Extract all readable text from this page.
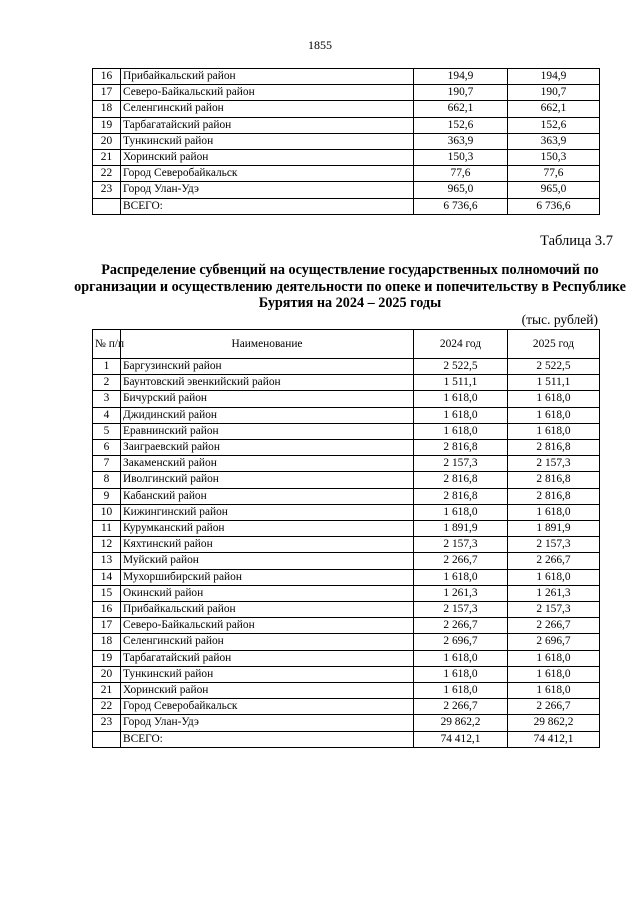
1855
16	Прибайкальский район	194,9	194,9
17	Северо-Байкальский район	190,7	190,7
18	Селенгинский район	662,1	662,1
19	Тарбагатайский район	152,6	152,6
20	Тункинский район	363,9	363,9
21	Хоринский район	150,3	150,3
22	Город Северобайкальск	77,6	77,6
23	Город Улан-Удэ	965,0	965,0
	ВСЕГО:	6 736,6	6 736,6
Таблица 3.7
Распределение субвенций на осуществление государственных полномочий по организации и осуществлению деятельности по опеке и попечительству в Республике Бурятия на 2024 – 2025 годы
(тыс. рублей)
№ п/п	Наименование	2024 год	2025 год
1	Баргузинский район	2 522,5	2 522,5
2	Баунтовский эвенкийский район	1 511,1	1 511,1
3	Бичурский район	1 618,0	1 618,0
4	Джидинский район	1 618,0	1 618,0
5	Еравнинский район	1 618,0	1 618,0
6	Заиграевский район	2 816,8	2 816,8
7	Закаменский район	2 157,3	2 157,3
8	Иволгинский район	2 816,8	2 816,8
9	Кабанский район	2 816,8	2 816,8
10	Кижингинский район	1 618,0	1 618,0
11	Курумканский район	1 891,9	1 891,9
12	Кяхтинский район	2 157,3	2 157,3
13	Муйский район	2 266,7	2 266,7
14	Мухоршибирский район	1 618,0	1 618,0
15	Окинский район	1 261,3	1 261,3
16	Прибайкальский район	2 157,3	2 157,3
17	Северо-Байкальский район	2 266,7	2 266,7
18	Селенгинский район	2 696,7	2 696,7
19	Тарбагатайский район	1 618,0	1 618,0
20	Тункинский район	1 618,0	1 618,0
21	Хоринский район	1 618,0	1 618,0
22	Город Северобайкальск	2 266,7	2 266,7
23	Город Улан-Удэ	29 862,2	29 862,2
	ВСЕГО:	74 412,1	74 412,1
